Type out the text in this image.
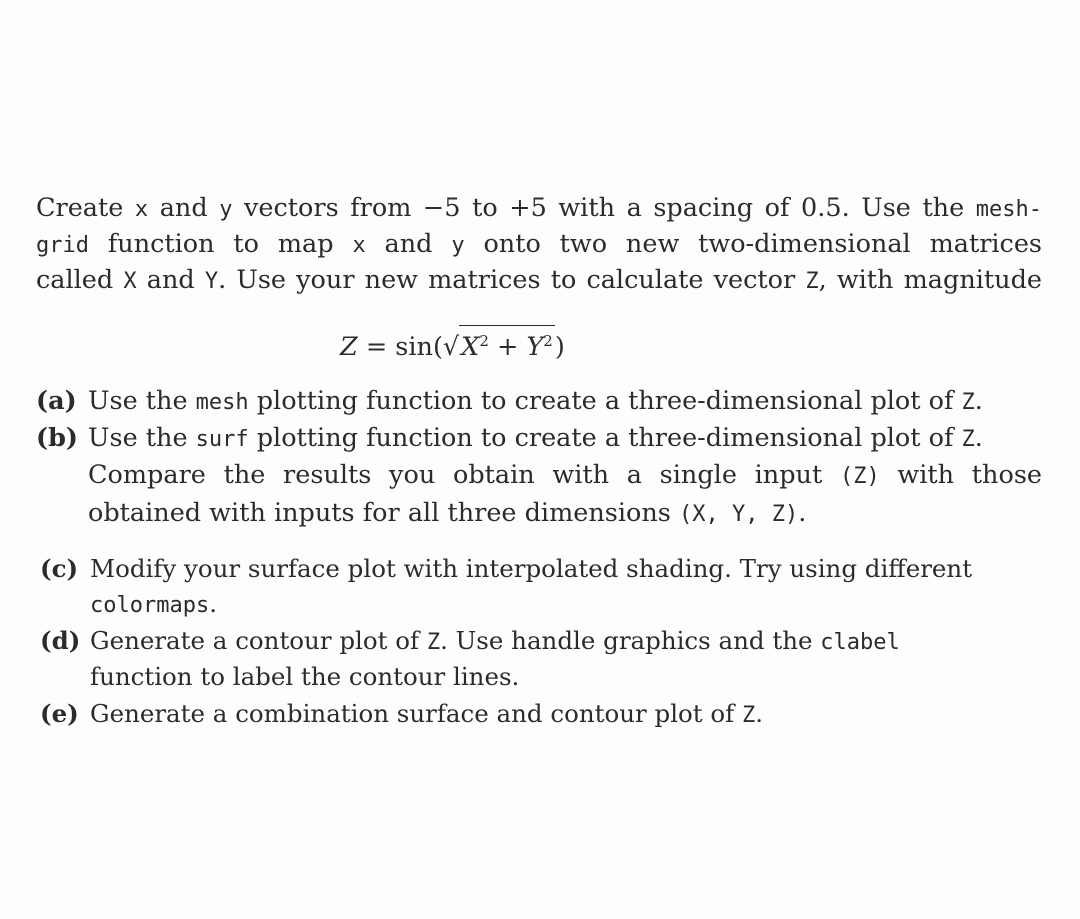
Create x and y vectors from −5 to +5 with a spacing of 0.5. Use the mesh-
grid function to map x and y onto two new two-dimensional matrices
called X and Y. Use your new matrices to calculate vector Z, with magnitude
$Z = \sin(√X^2 + Y^2)$
(a) Use the mesh plotting function to create a three-dimensional plot of Z.
(b) Use the surf plotting function to create a three-dimensional plot of Z.
Compare the results you obtain with a single input (Z) with those
obtained with inputs for all three dimensions (X, Y, Z).
(c) Modify your surface plot with interpolated shading. Try using different
colormaps.
(d) Generate a contour plot of Z. Use handle graphics and the clabel
function to label the contour lines.
(e) Generate a combination surface and contour plot of Z.
